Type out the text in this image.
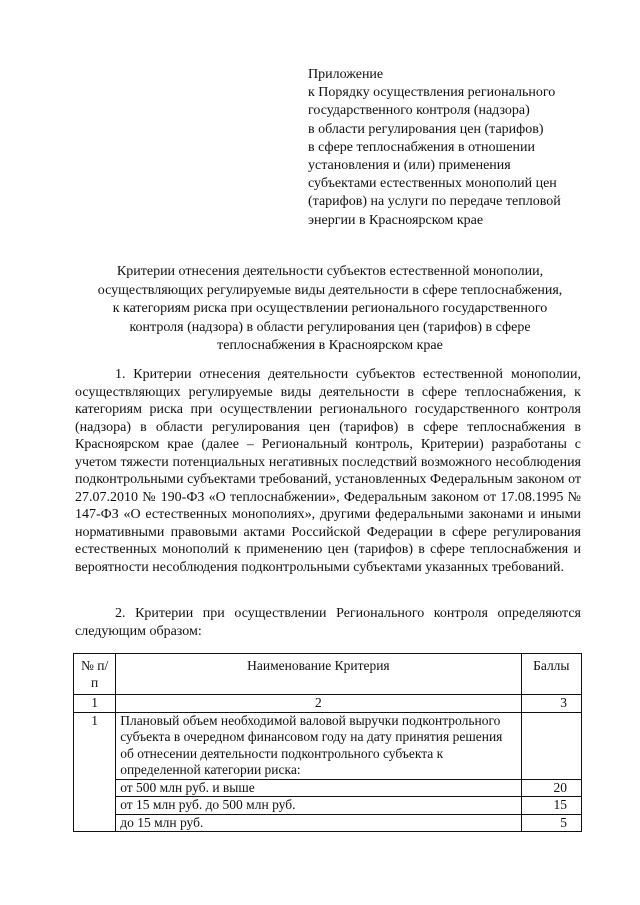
Приложение
к Порядку осуществления регионального
государственного контроля (надзора)
в области регулирования цен (тарифов)
в сфере теплоснабжения в отношении
установления и (или) применения
субъектами естественных монополий цен
(тарифов) на услуги по передаче тепловой
энергии в Красноярском крае
Критерии отнесения деятельности субъектов естественной монополии,
осуществляющих регулируемые виды деятельности в сфере теплоснабжения,
к категориям риска при осуществлении регионального государственного
контроля (надзора) в области регулирования цен (тарифов) в сфере
теплоснабжения в Красноярском крае

1. Критерии отнесения деятельности субъектов естественной монополии, осуществляющих регулируемые виды деятельности в сфере теплоснабжения, к категориям риска при осуществлении регионального государственного контроля (надзора) в области регулирования цен (тарифов) в сфере теплоснабжения в Красноярском крае (далее – Региональный контроль, Критерии) разработаны с учетом тяжести потенциальных негативных последствий возможного несоблюдения подконтрольными субъектами требований, установленных Федеральным законом от 27.07.2010 № 190-ФЗ «О теплоснабжении», Федеральным законом от 17.08.1995 № 147-ФЗ «О естественных монополиях», другими федеральными законами и иными нормативными правовыми актами Российской Федерации в сфере регулирования естественных монополий к применению цен (тарифов) в сфере теплоснабжения и вероятности несоблюдения подконтрольными субъектами указанных требований.

2. Критерии при осуществлении Регионального контроля определяются следующим образом:

№ п/п	Наименование Критерия	Баллы
1	2	3
1	Плановый объем необходимой валовой выручки подконтрольного субъекта в очередном финансовом году на дату принятия решения об отнесении деятельности подконтрольного субъекта к определенной категории риска:	
	от 500 млн руб. и выше	20
	от 15 млн руб. до 500 млн руб.	15
	до 15 млн руб.	5
